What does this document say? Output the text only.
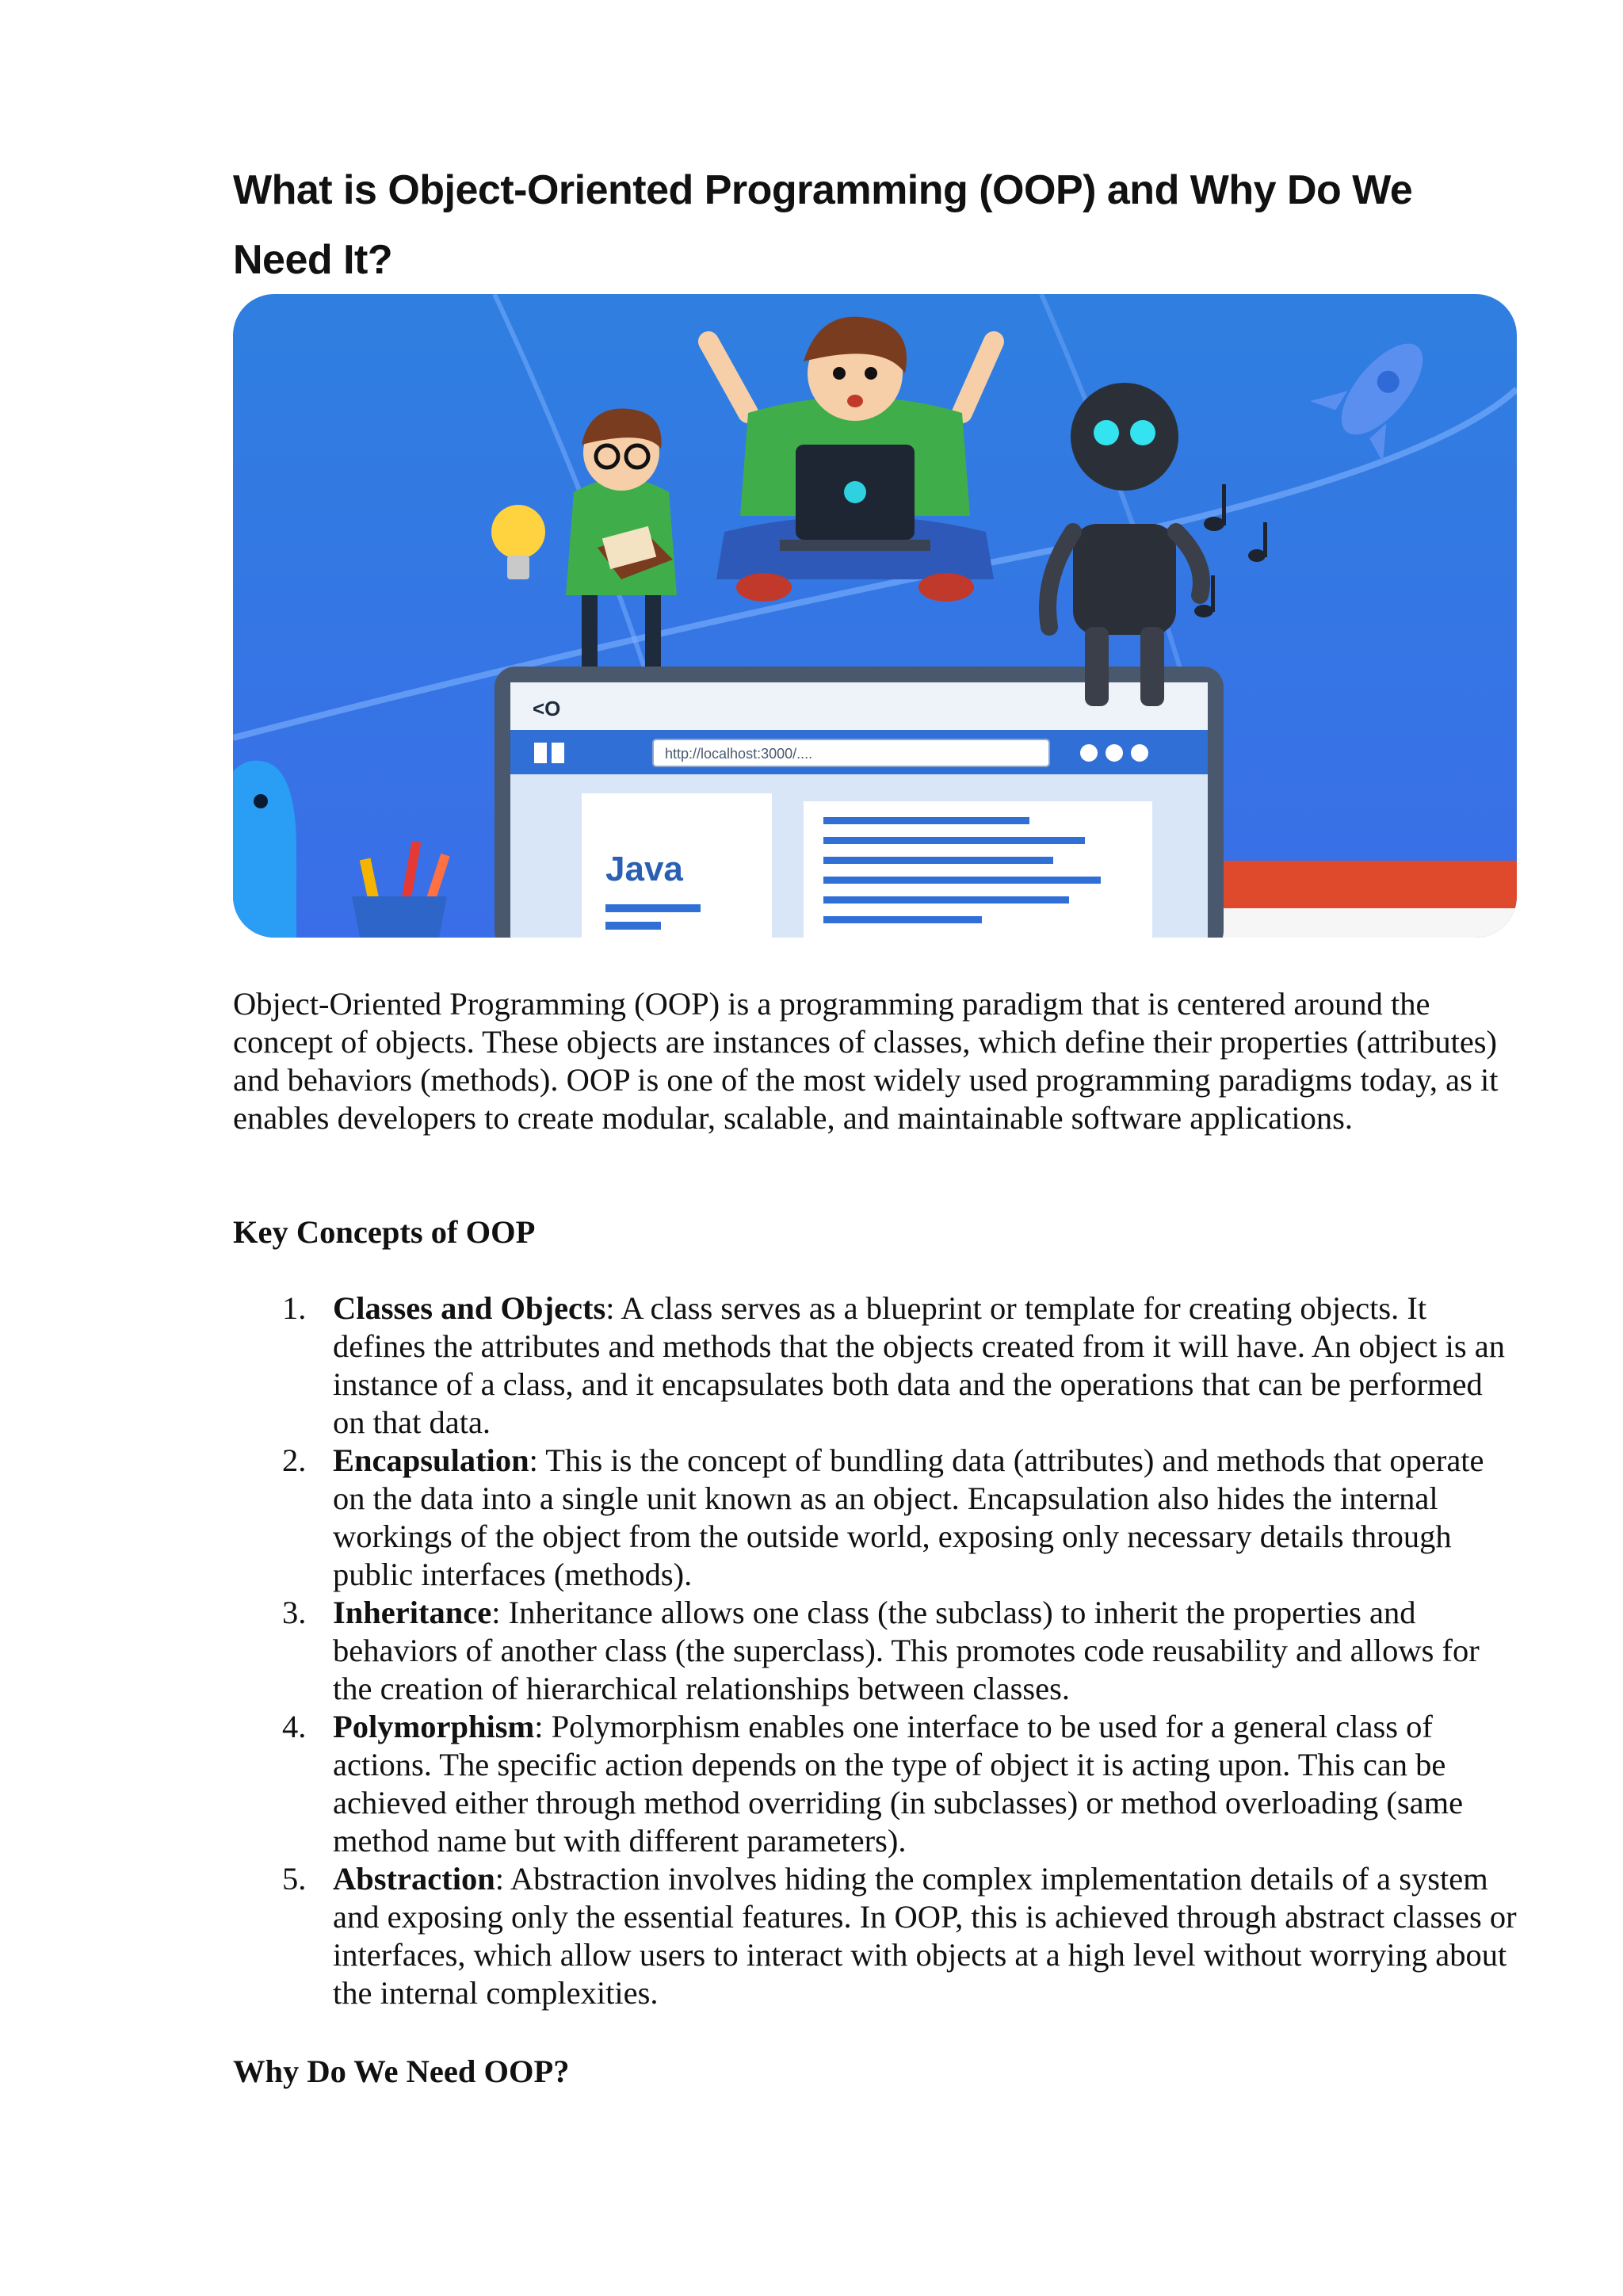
What is Object-Oriented Programming (OOP) and Why Do We Need It?
<O
http://localhost:3000/....
Java

Object-Oriented Programming (OOP) is a programming paradigm that is centered around the concept of objects. These objects are instances of classes, which define their properties (attributes) and behaviors (methods). OOP is one of the most widely used programming paradigms today, as it enables developers to create modular, scalable, and maintainable software applications.

Key Concepts of OOP
1. Classes and Objects: A class serves as a blueprint or template for creating objects. It defines the attributes and methods that the objects created from it will have. An object is an instance of a class, and it encapsulates both data and the operations that can be performed on that data.
2. Encapsulation: This is the concept of bundling data (attributes) and methods that operate on the data into a single unit known as an object. Encapsulation also hides the internal workings of the object from the outside world, exposing only necessary details through public interfaces (methods).
3. Inheritance: Inheritance allows one class (the subclass) to inherit the properties and behaviors of another class (the superclass). This promotes code reusability and allows for the creation of hierarchical relationships between classes.
4. Polymorphism: Polymorphism enables one interface to be used for a general class of actions. The specific action depends on the type of object it is acting upon. This can be achieved either through method overriding (in subclasses) or method overloading (same method name but with different parameters).
5. Abstraction: Abstraction involves hiding the complex implementation details of a system and exposing only the essential features. In OOP, this is achieved through abstract classes or interfaces, which allow users to interact with objects at a high level without worrying about the internal complexities.
Why Do We Need OOP?
